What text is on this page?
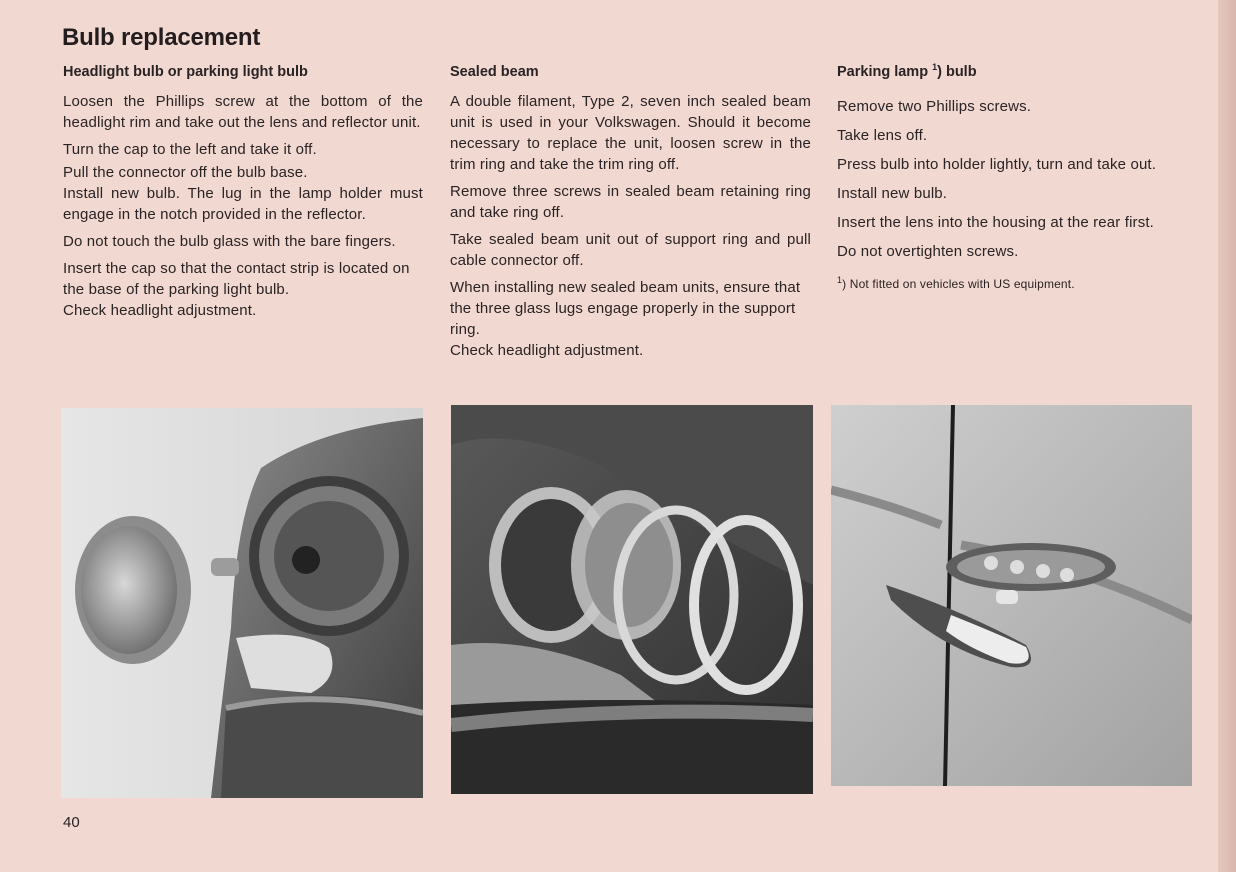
Bulb replacement
Headlight bulb or parking light bulb

Loosen the Phillips screw at the bottom of the headlight rim and take out the lens and reflector unit.

Turn the cap to the left and take it off.

Pull the connector off the bulb base.

Install new bulb. The lug in the lamp holder must engage in the notch provided in the reflector.

Do not touch the bulb glass with the bare fingers.

Insert the cap so that the contact strip is located on the base of the parking light bulb.

Check headlight adjustment.

Sealed beam

A double filament, Type 2, seven inch sealed beam unit is used in your Volkswagen. Should it become necessary to replace the unit, loosen screw in the trim ring and take the trim ring off.

Remove three screws in sealed beam retaining ring and take ring off.

Take sealed beam unit out of support ring and pull cable connector off.

When installing new sealed beam units, ensure that the three glass lugs engage properly in the support ring.

Check headlight adjustment.

Parking lamp $^1$) bulb

Remove two Phillips screws.

Take lens off.

Press bulb into holder lightly, turn and take out.

Install new bulb.

Insert the lens into the housing at the rear first.

Do not overtighten screws.

$^1$) Not fitted on vehicles with US equipment.

40
